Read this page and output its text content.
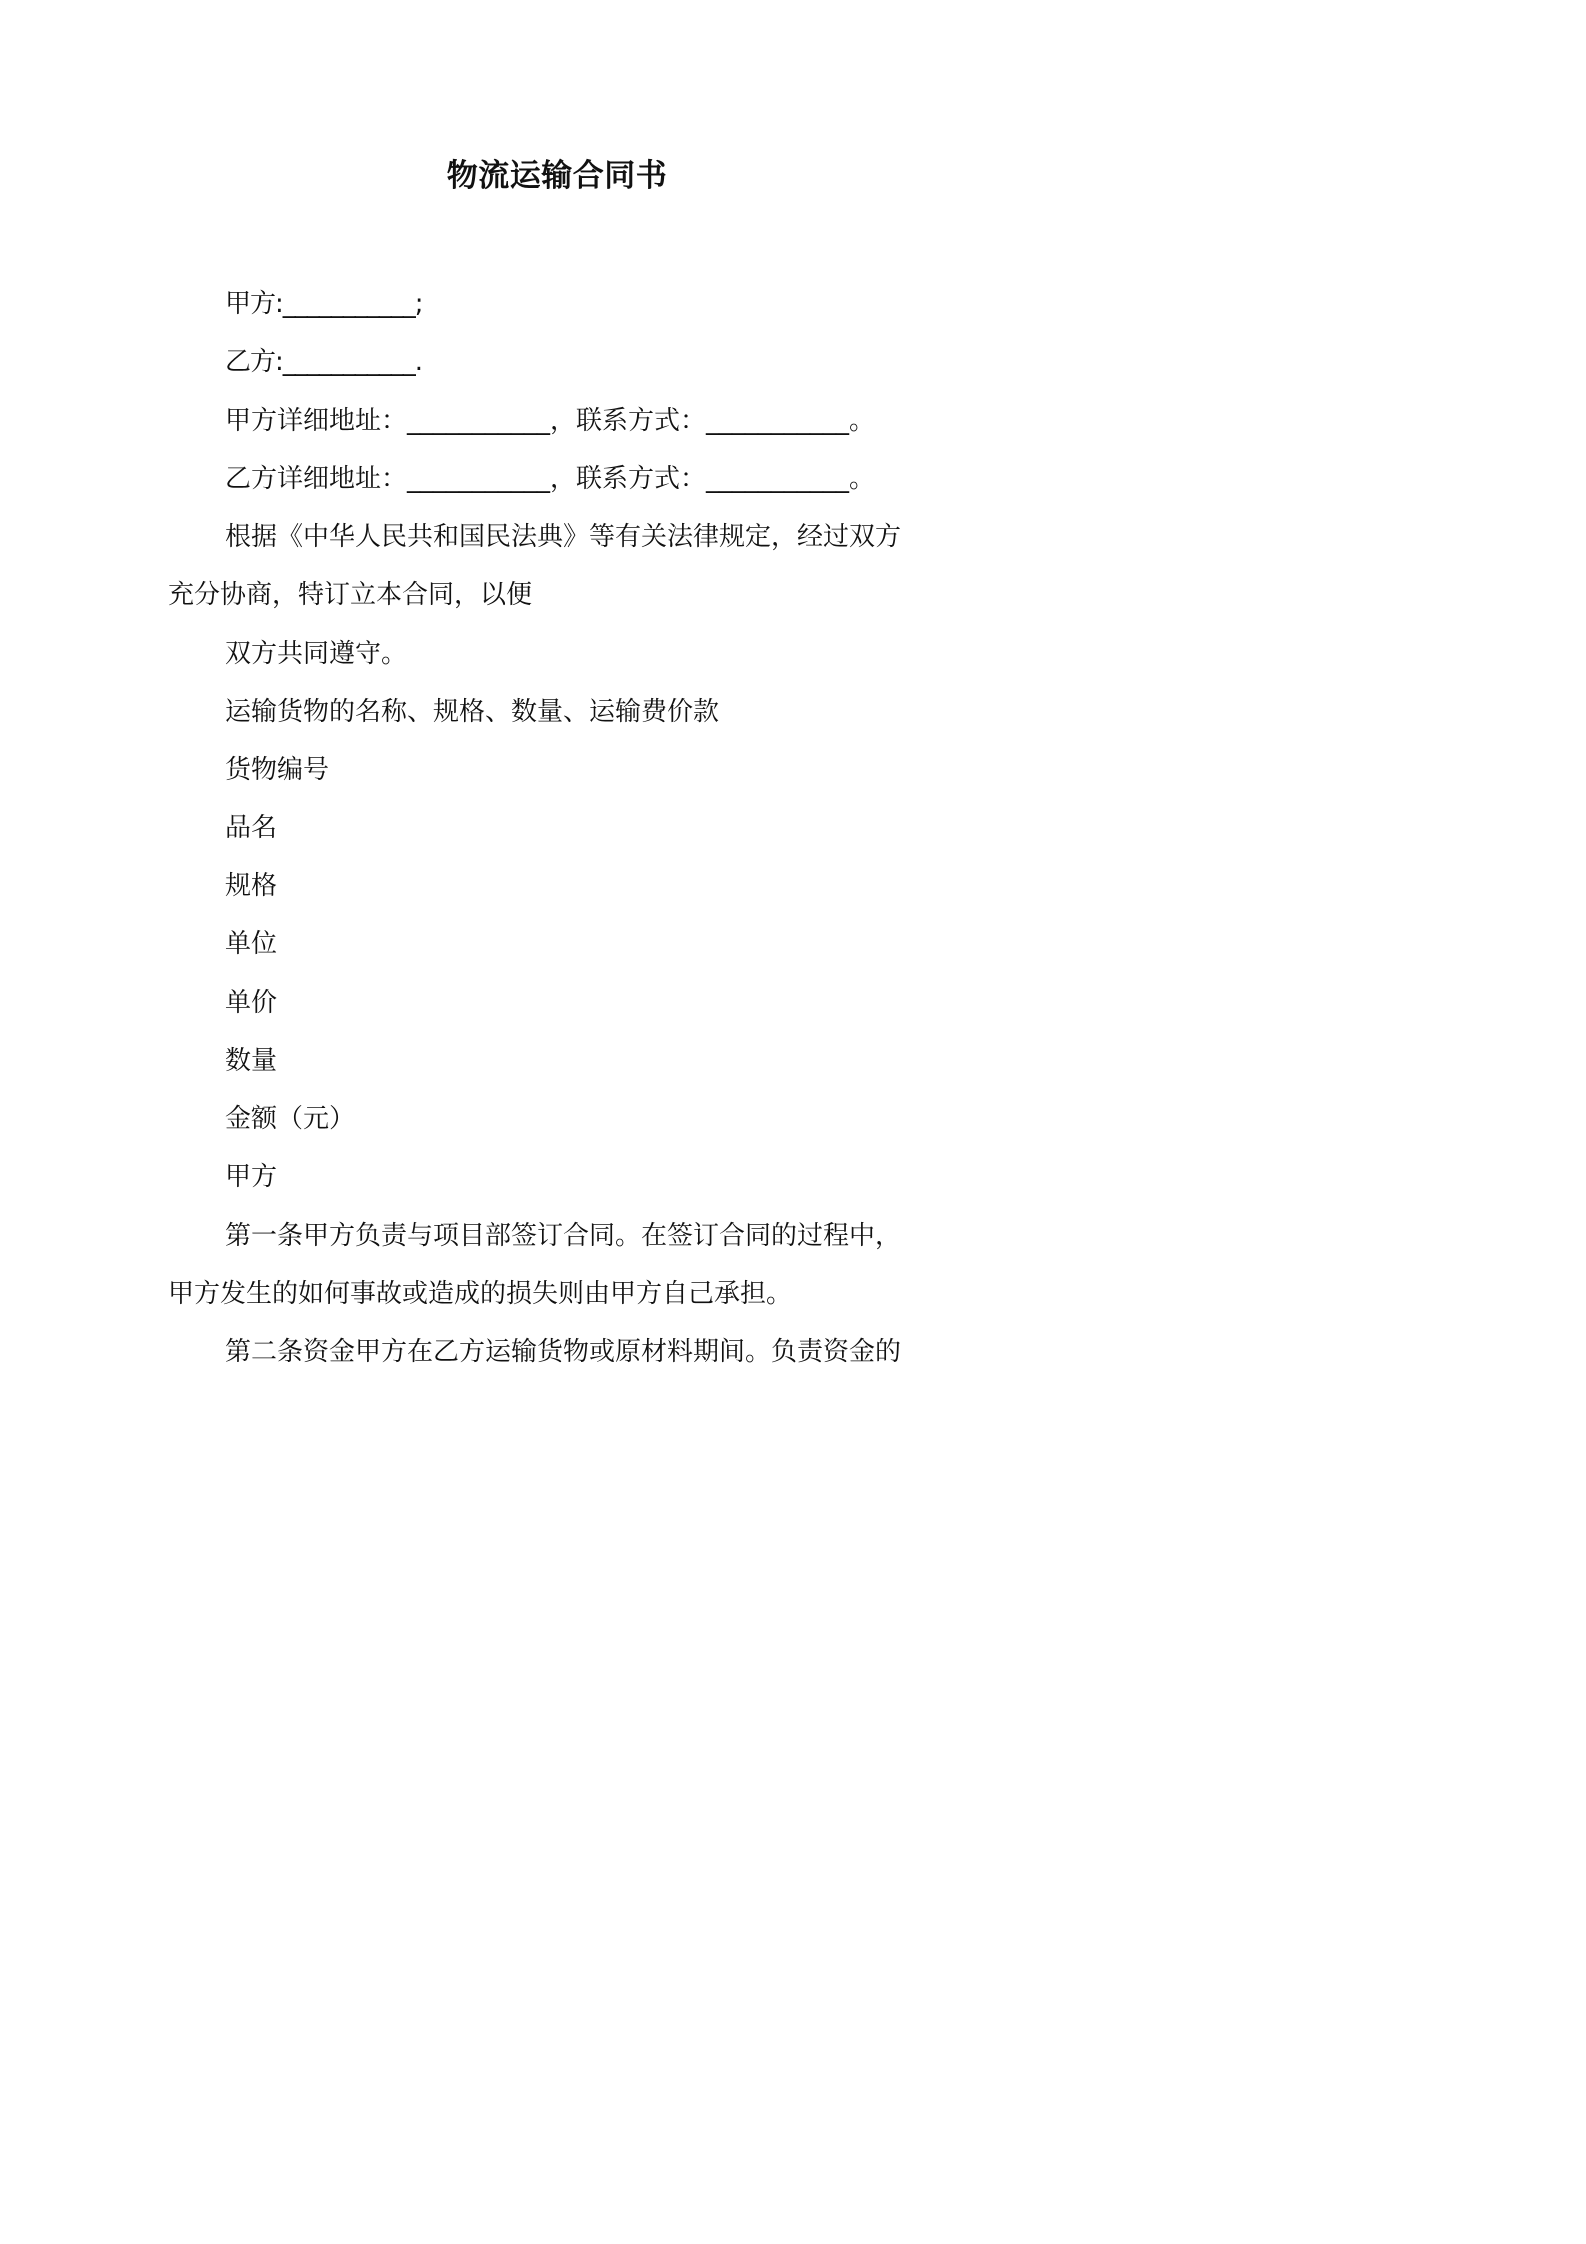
物流运输合同书
甲方:___________;
乙方:___________.
甲方详细地址：___________，联系方式：___________。
乙方详细地址：___________，联系方式：___________。
根据《中华人民共和国民法典》等有关法律规定，经过双方
充分协商，特订立本合同，以便
双方共同遵守。
运输货物的名称、规格、数量、运输费价款
货物编号
品名
规格
单位
单价
数量
金额（元）
甲方
第一条甲方负责与项目部签订合同。在签订合同的过程中，
甲方发生的如何事故或造成的损失则由甲方自己承担。
第二条资金甲方在乙方运输货物或原材料期间。负责资金的
